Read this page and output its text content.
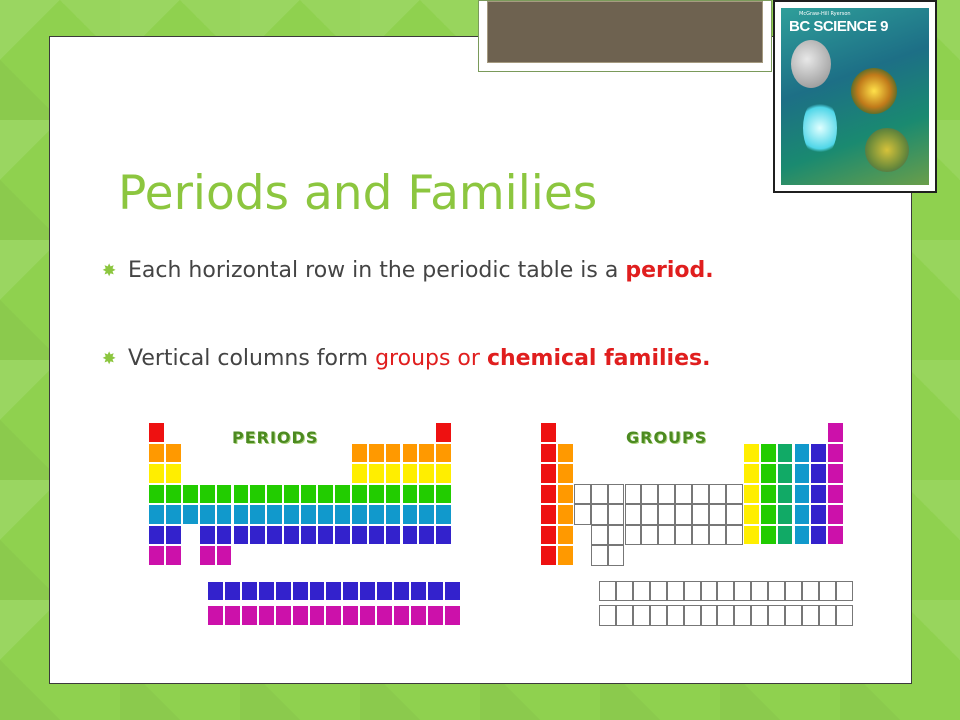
McGraw-Hill Ryerson
BC SCIENCE 9
Periods and Families
✸ Each horizontal row in the periodic table is a period.
✸ Vertical columns form groups or chemical families.
PERIODS	GROUPS
